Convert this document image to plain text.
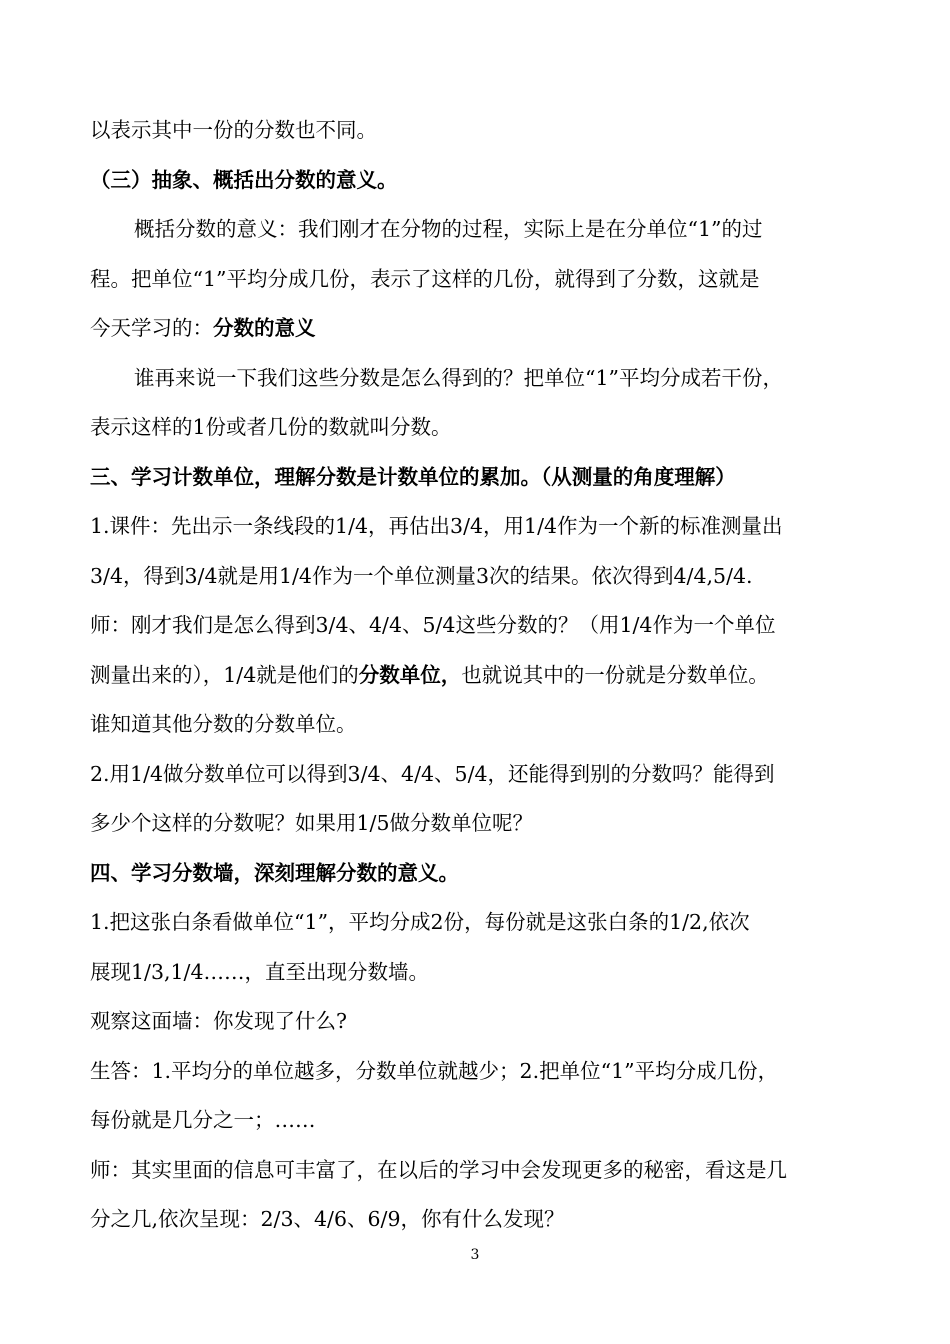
以表示其中一份的分数也不同。

（三）抽象、概括出分数的意义。

概括分数的意义：我们刚才在分物的过程，实际上是在分单位“1”的过

程。把单位“1”平均分成几份，表示了这样的几份，就得到了分数，这就是

今天学习的：分数的意义

谁再来说一下我们这些分数是怎么得到的？把单位“1”平均分成若干份，

表示这样的1份或者几份的数就叫分数。

三、学习计数单位，理解分数是计数单位的累加。（从测量的角度理解）

1.课件：先出示一条线段的1/4，再估出3/4，用1/4作为一个新的标准测量出

3/4，得到3/4就是用1/4作为一个单位测量3次的结果。依次得到4/4,5/4.

师：刚才我们是怎么得到3/4、4/4、5/4这些分数的？（用1/4作为一个单位

测量出来的），1/4就是他们的分数单位，也就说其中的一份就是分数单位。

谁知道其他分数的分数单位。

2.用1/4做分数单位可以得到3/4、4/4、5/4，还能得到别的分数吗？能得到

多少个这样的分数呢？如果用1/5做分数单位呢？

四、学习分数墙，深刻理解分数的意义。

1.把这张白条看做单位“1”，平均分成2份，每份就是这张白条的1/2,依次

展现1/3,1/4……，直至出现分数墙。

观察这面墙：你发现了什么?

生答：1.平均分的单位越多，分数单位就越少；2.把单位“1”平均分成几份，

每份就是几分之一；……

师：其实里面的信息可丰富了，在以后的学习中会发现更多的秘密，看这是几

分之几,依次呈现：2/3、4/6、6/9，你有什么发现？

3
